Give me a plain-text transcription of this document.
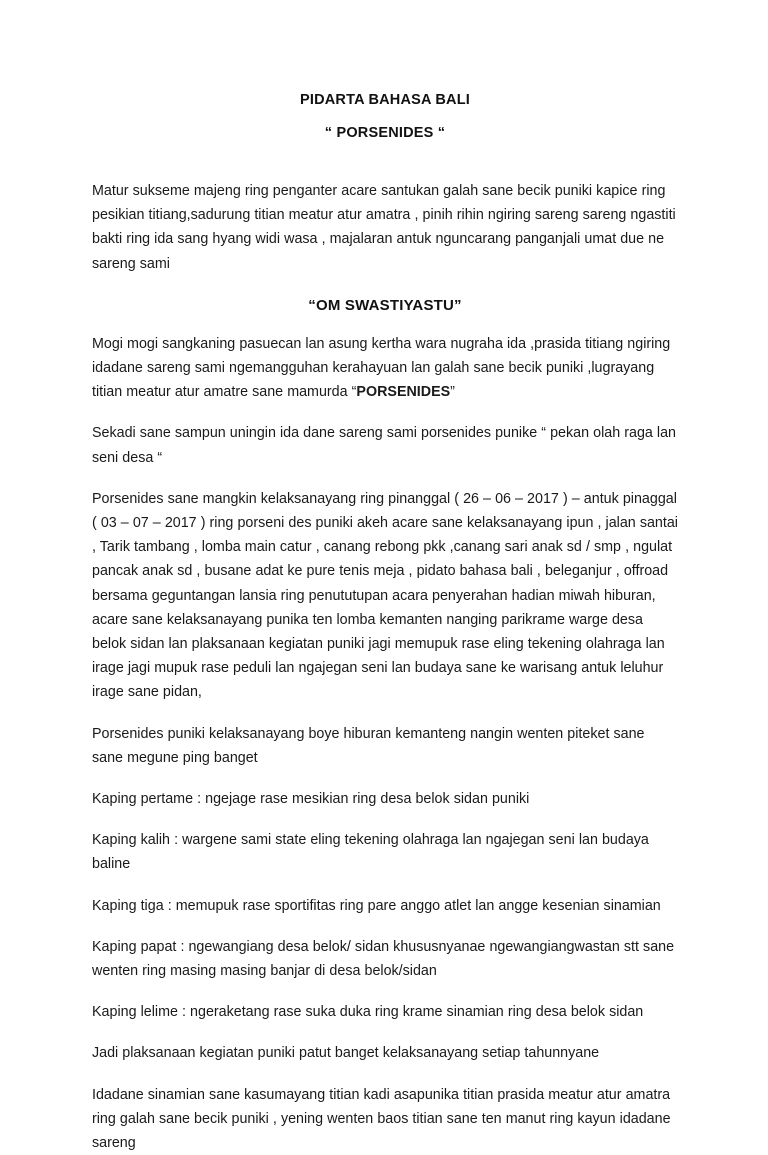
PIDARTA BAHASA BALI
“ PORSENIDES “

Matur sukseme majeng ring penganter acare santukan galah sane becik puniki kapice ring pesikian titiang,sadurung titian meatur atur amatra , pinih rihin ngiring sareng sareng ngastiti bakti ring ida sang hyang widi wasa , majalaran antuk nguncarang panganjali umat due ne sareng sami

“OM SWASTIYASTU”

Mogi mogi sangkaning pasuecan lan asung kertha wara nugraha ida ,prasida titiang ngiring idadane sareng sami ngemangguhan kerahayuan lan galah sane becik puniki ,lugrayang titian meatur atur amatre sane mamurda “PORSENIDES”

Sekadi sane sampun uningin ida dane sareng sami porsenides punike “ pekan olah raga lan seni desa “

Porsenides sane mangkin kelaksanayang ring pinanggal ( 26 – 06 – 2017 ) – antuk pinaggal ( 03 – 07 – 2017 ) ring porseni des puniki akeh acare sane kelaksanayang ipun , jalan santai , Tarik tambang , lomba main catur , canang rebong pkk ,canang sari anak sd / smp , ngulat pancak anak sd , busane adat ke pure tenis meja , pidato bahasa bali , beleganjur , offroad bersama geguntangan lansia ring penututupan acara penyerahan hadian miwah hiburan, acare sane kelaksanayang punika ten lomba kemanten nanging parikrame warge desa belok sidan lan plaksanaan kegiatan puniki jagi memupuk rase eling tekening olahraga lan irage jagi mupuk rase peduli lan ngajegan seni lan budaya sane ke warisang antuk leluhur irage sane pidan,

Porsenides puniki kelaksanayang boye hiburan kemanteng nangin wenten piteket sane sane megune ping banget

Kaping pertame : ngejage rase mesikian ring desa belok sidan puniki

Kaping kalih : wargene sami state eling tekening olahraga lan ngajegan seni lan budaya baline

Kaping tiga : memupuk rase sportifitas ring pare anggo atlet lan angge kesenian sinamian

Kaping papat : ngewangiang desa belok/ sidan khususnyanae ngewangiangwastan stt sane wenten ring masing masing banjar di desa belok/sidan

Kaping lelime : ngeraketang rase suka duka ring krame sinamian ring desa belok sidan

Jadi plaksanaan kegiatan puniki patut banget kelaksanayang setiap tahunnyane

Idadane sinamian sane kasumayang titian kadi asapunika titian prasida meatur atur amatra ring galah sane becik puniki , yening wenten baos titian sane ten manut ring kayun idadane sareng
